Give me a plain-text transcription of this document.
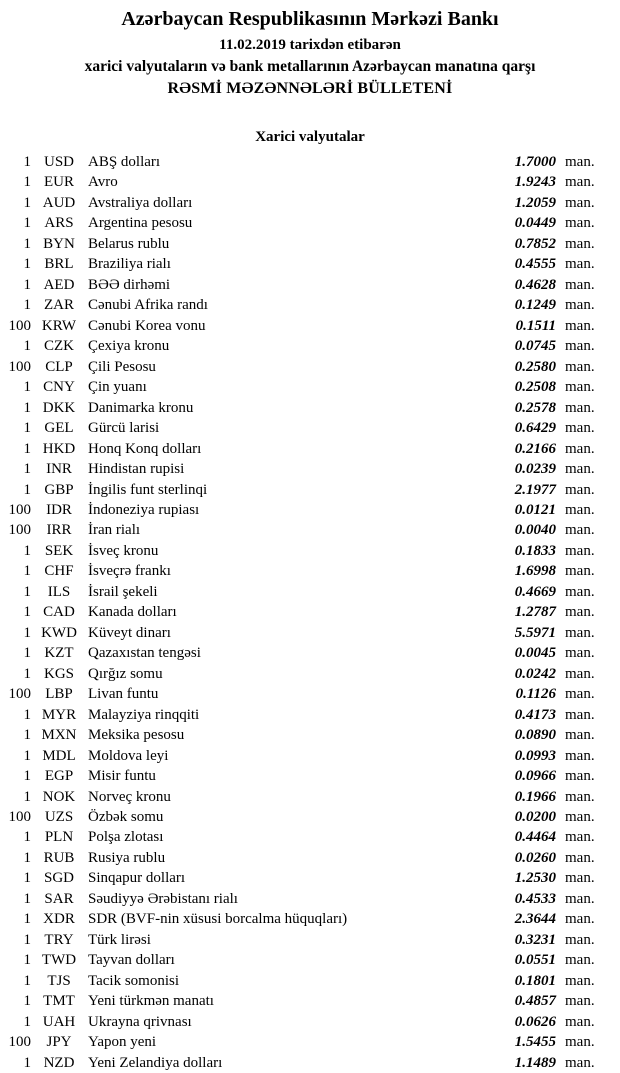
Azərbaycan Respublikasının Mərkəzi Bankı
11.02.2019 tarixdən etibarən
xarici valyutaların və bank metallarının Azərbaycan manatına qarşı
RƏSMİ MƏZƏNNƏLƏRİ BÜLLETENİ
Xarici valyutalar
1 USD ABŞ dolları	1.7000 man.
1 EUR Avro	1.9243 man.
1 AUD Avstraliya dolları	1.2059 man.
1 ARS Argentina pesosu	0.0449 man.
1 BYN Belarus rublu	0.7852 man.
1 BRL Braziliya rialı	0.4555 man.
1 AED BƏƏ dirhəmi	0.4628 man.
1 ZAR Cənubi Afrika randı	0.1249 man.
100 KRW Cənubi Korea vonu	0.1511 man.
1 CZK Çexiya kronu	0.0745 man.
100 CLP	Çili Pesosu	0.2580 man.
1 CNY Çin yuanı	0.2508 man.
1 DKK Danimarka kronu	0.2578 man.
1 GEL Gürcü larisi	0.6429 man.
1 HKD Honq Konq dolları	0.2166 man.
1	INR	Hindistan rupisi	0.0239 man.
1 GBP İngilis funt sterlinqi	2.1977 man.
100	IDR	İndoneziya rupiası	0.0121 man.
100	IRR	İran rialı	0.0040 man.
1 SEK İsveç kronu	0.1833 man.
1 CHF İsveçrə frankı	1.6998 man.
1	ILS	İsrail şekeli	0.4669 man.
1 CAD Kanada dolları	1.2787 man.
1 KWD Küveyt dinarı	5.5971 man.
1 KZT Qazaxıstan tengəsi	0.0045 man.
1 KGS Qırğız somu	0.0242 man.
100 LBP	Livan funtu	0.1126 man.
1 MYR Malayziya rinqqiti	0.4173 man.
1 MXN Meksika pesosu	0.0890 man.
1 MDL Moldova leyi	0.0993 man.
1 EGP Misir funtu	0.0966 man.
1 NOK Norveç kronu	0.1966 man.
100 UZS Özbək somu	0.0200 man.
1 PLN Polşa zlotası	0.4464 man.
1 RUB Rusiya rublu	0.0260 man.
1 SGD Sinqapur dolları	1.2530 man.
1 SAR Səudiyyə Ərəbistanı rialı	0.4533 man.
1 XDR SDR (BVF-nin xüsusi borcalma hüquqları)	2.3644 man.
1 TRY Türk lirəsi	0.3231 man.
1 TWD Tayvan dolları	0.0551 man.
1	TJS	Tacik somonisi	0.1801 man.
1 TMT Yeni türkmən manatı	0.4857 man.
1 UAH Ukrayna qrivnası	0.0626 man.
100	JPY	Yapon yeni	1.5455 man.
1 NZD Yeni Zelandiya dolları	1.1489 man.
